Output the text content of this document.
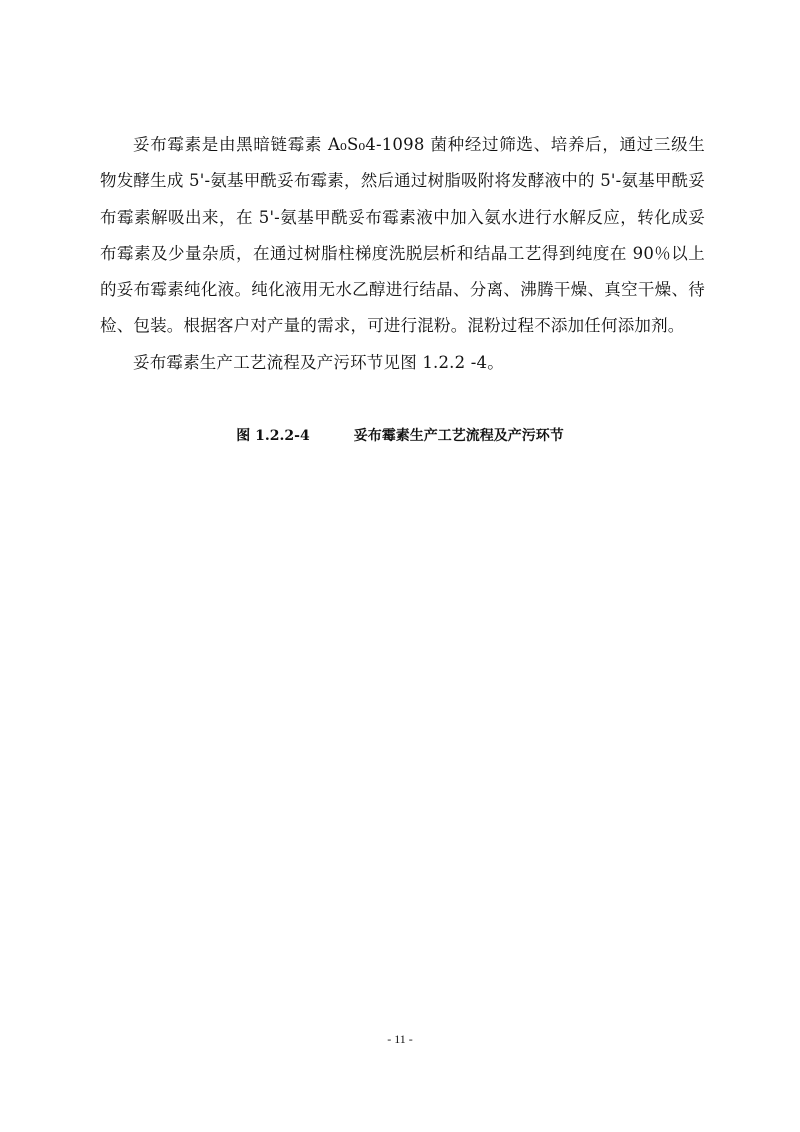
妥布霉素是由黑暗链霉素 A₀S₀4-1098 菌种经过筛选、培养后，通过三级生物发酵生成 5'-氨基甲酰妥布霉素，然后通过树脂吸附将发酵液中的 5'-氨基甲酰妥布霉素解吸出来，在 5'-氨基甲酰妥布霉素液中加入氨水进行水解反应，转化成妥布霉素及少量杂质，在通过树脂柱梯度洗脱层析和结晶工艺得到纯度在 90％以上的妥布霉素纯化液。纯化液用无水乙醇进行结晶、分离、沸腾干燥、真空干燥、待检、包装。根据客户对产量的需求，可进行混粉。混粉过程不添加任何添加剂。

妥布霉素生产工艺流程及产污环节见图 1.2.2 -4。

图 1.2.2-4	妥布霉素生产工艺流程及产污环节
- 11 -
